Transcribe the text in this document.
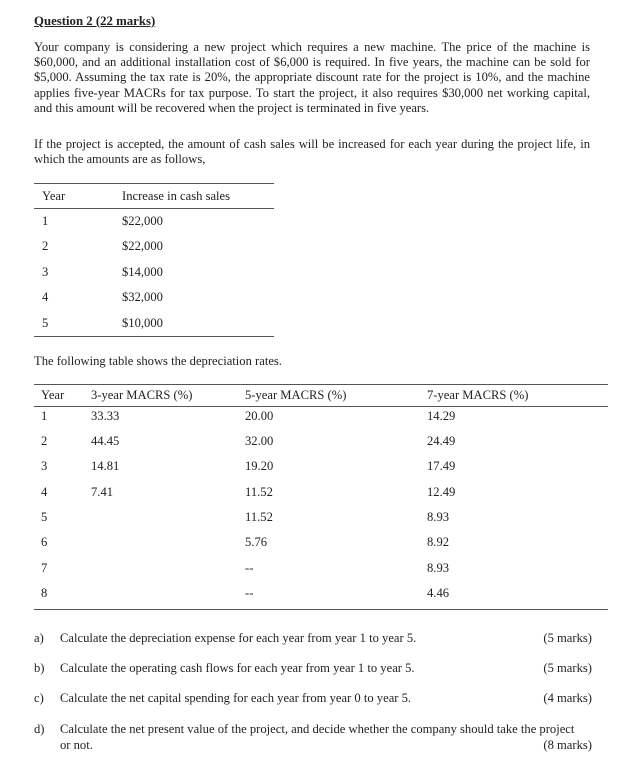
Question 2 (22 marks)
Your company is considering a new project which requires a new machine. The price of the machine is $60,000, and an additional installation cost of $6,000 is required. In five years, the machine can be sold for $5,000. Assuming the tax rate is 20%, the appropriate discount rate for the project is 10%, and the machine applies five-year MACRs for tax purpose. To start the project, it also requires $30,000 net working capital, and this amount will be recovered when the project is terminated in five years.
If the project is accepted, the amount of cash sales will be increased for each year during the project life, in which the amounts are as follows,
Year	Increase in cash sales
1	$22,000
2	$22,000
3	$14,000
4	$32,000
5	$10,000
The following table shows the depreciation rates.
Year	3-year MACRS (%)	5-year MACRS (%)	7-year MACRS (%)
1	33.33	20.00	14.29
2	44.45	32.00	24.49
3	14.81	19.20	17.49
4	7.41	11.52	12.49
5		11.52	8.93
6		5.76	8.92
7		--	8.93
8		--	4.46
a) Calculate the depreciation expense for each year from year 1 to year 5.	(5 marks)
b) Calculate the operating cash flows for each year from year 1 to year 5.	(5 marks)
c) Calculate the net capital spending for each year from year 0 to year 5.	(4 marks)
d) Calculate the net present value of the project, and decide whether the company should take the project
or not.	(8 marks)
